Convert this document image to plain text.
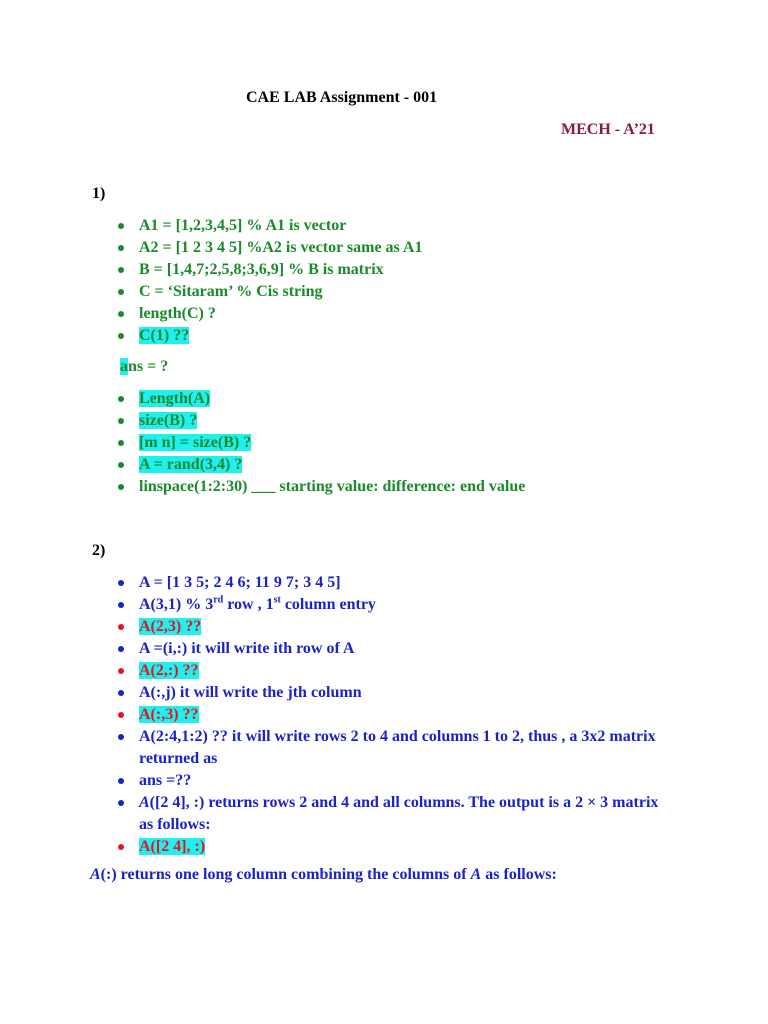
CAE LAB Assignment - 001
MECH - A’21
1)
A1 = [1,2,3,4,5] % A1 is vector
A2 = [1 2 3 4 5] %A2 is vector same as A1
B = [1,4,7;2,5,8;3,6,9] % B is matrix
C = ‘Sitaram’ % Cis string
length(C) ?
C(1) ??
ans = ?
Length(A)
size(B) ?
[m n] = size(B) ?
A = rand(3,4) ?
linspace(1:2:30) ___ starting value: difference: end value
2)
A = [1 3 5; 2 4 6; 11 9 7; 3 4 5]
A(3,1) % 3rd row , 1st column entry
A(2,3) ??
A =(i,:) it will write ith row of A
A(2,:) ??
A(:,j) it will write the jth column
A(:,3) ??
A(2:4,1:2) ?? it will write rows 2 to 4 and columns 1 to 2, thus , a 3x2 matrix returned as
ans =??
A([2 4], :) returns rows 2 and 4 and all columns. The output is a 2 × 3 matrix as follows:
A([2 4], :)
A(:) returns one long column combining the columns of A as follows:
